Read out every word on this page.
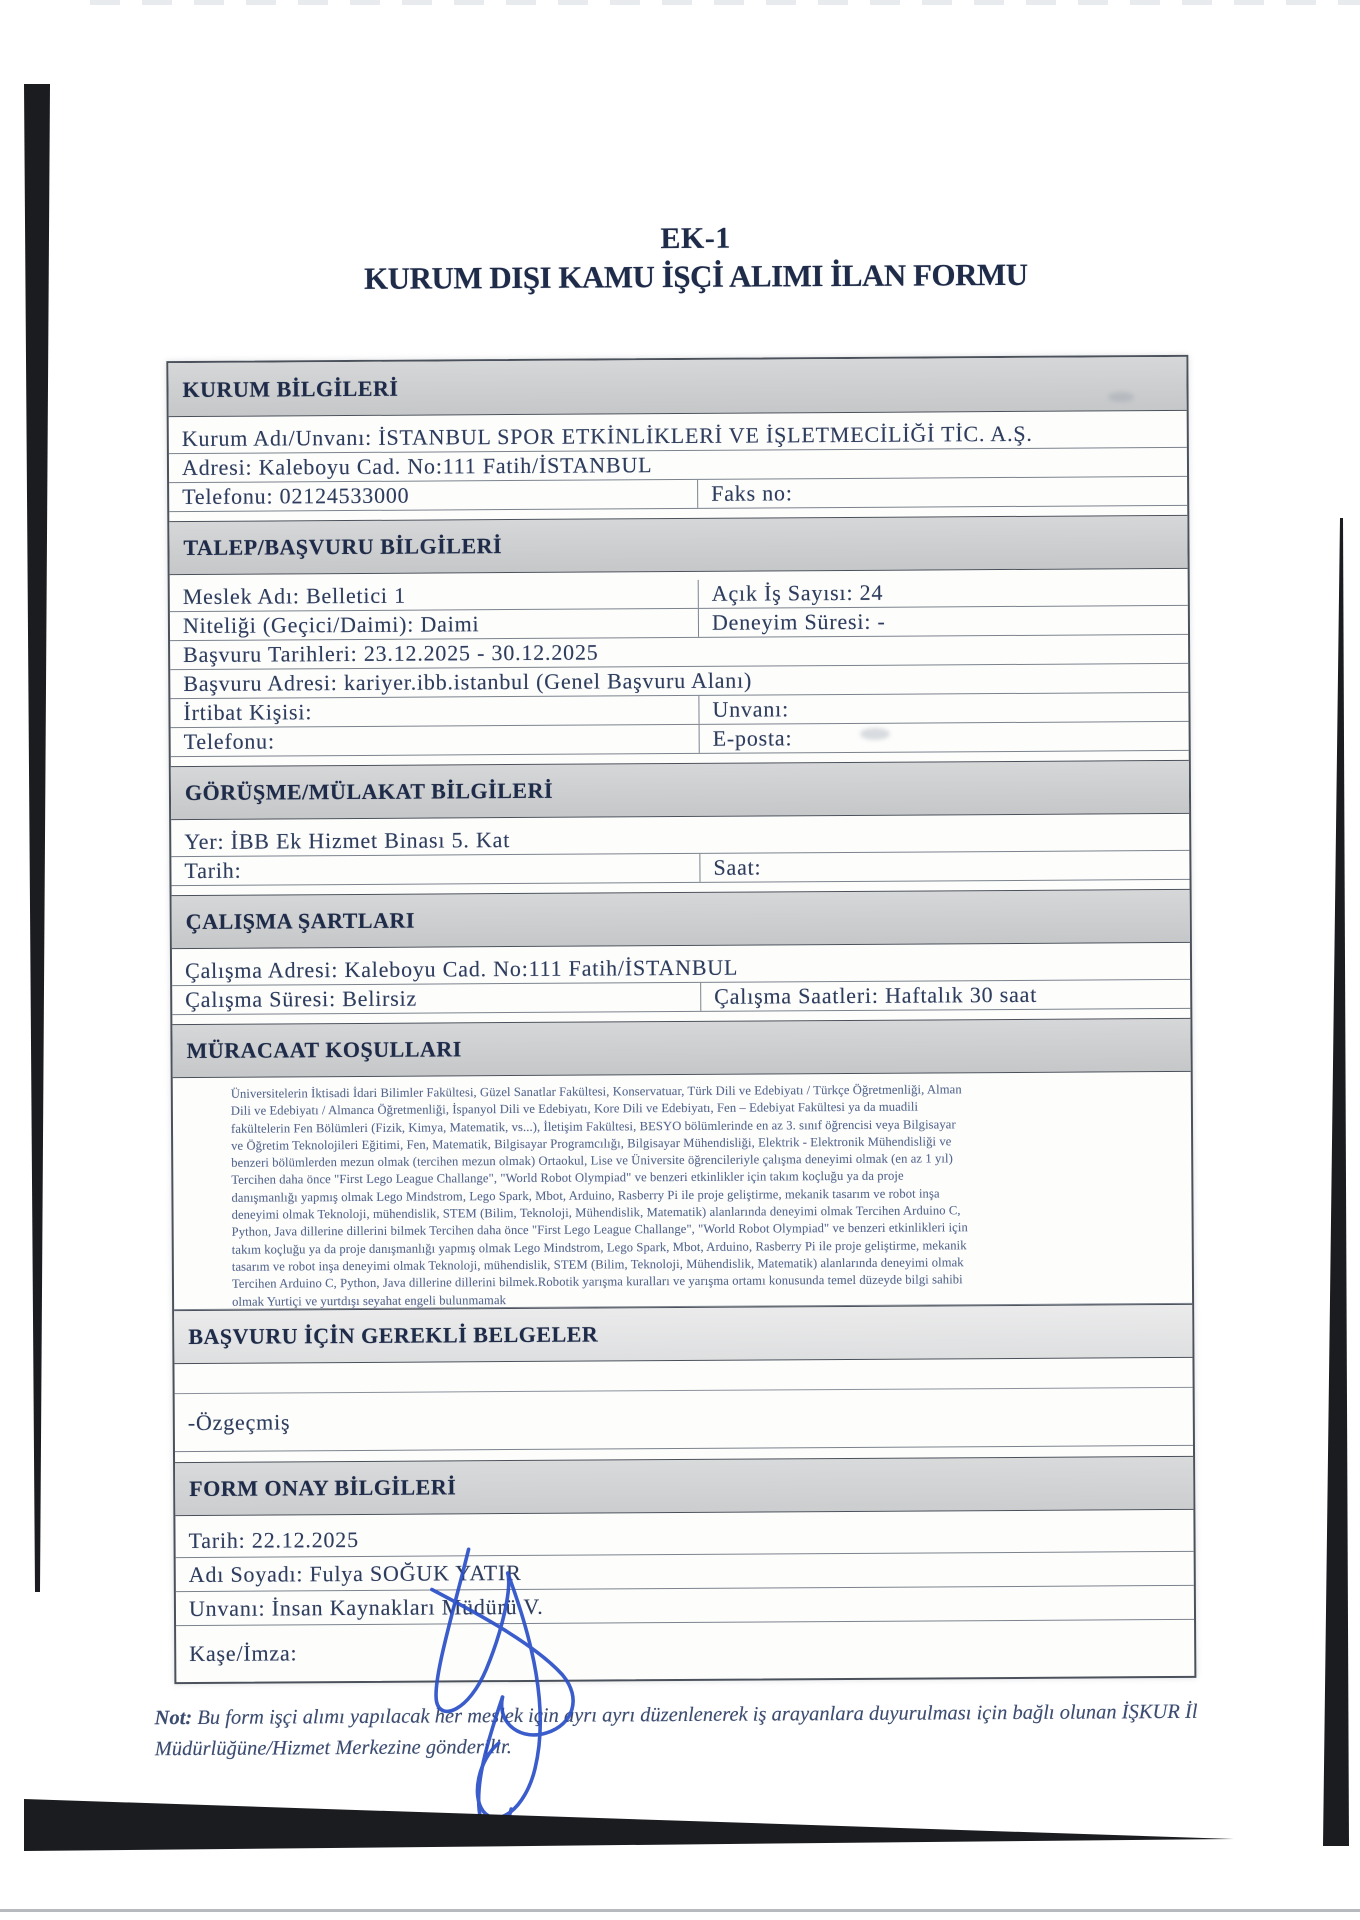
EK-1
KURUM DIŞI KAMU İŞÇİ ALIMI İLAN FORMU
KURUM BİLGİLERİ
Kurum Adı/Unvanı: İSTANBUL SPOR ETKİNLİKLERİ VE İŞLETMECİLİĞİ TİC. A.Ş.
Adresi: Kaleboyu Cad. No:111 Fatih/İSTANBUL
Telefonu: 02124533000	Faks no:
TALEP/BAŞVURU BİLGİLERİ
Meslek Adı: Belletici 1	Açık İş Sayısı: 24
Niteliği (Geçici/Daimi): Daimi	Deneyim Süresi: -
Başvuru Tarihleri: 23.12.2025 - 30.12.2025
Başvuru Adresi: kariyer.ibb.istanbul (Genel Başvuru Alanı)
İrtibat Kişisi:	Unvanı:
Telefonu:	E-posta:
GÖRÜŞME/MÜLAKAT BİLGİLERİ
Yer: İBB Ek Hizmet Binası 5. Kat
Tarih:	Saat:
ÇALIŞMA ŞARTLARI
Çalışma Adresi: Kaleboyu Cad. No:111 Fatih/İSTANBUL
Çalışma Süresi: Belirsiz	Çalışma Saatleri: Haftalık 30 saat
MÜRACAAT KOŞULLARI
Üniversitelerin İktisadi İdari Bilimler Fakültesi, Güzel Sanatlar Fakültesi, Konservatuar, Türk Dili ve Edebiyatı / Türkçe Öğretmenliği, Alman Dili ve Edebiyatı / Almanca Öğretmenliği, İspanyol Dili ve Edebiyatı, Kore Dili ve Edebiyatı, Fen – Edebiyat Fakültesi ya da muadili fakültelerin Fen Bölümleri (Fizik, Kimya, Matematik, vs...), İletişim Fakültesi, BESYO bölümlerinde en az 3. sınıf öğrencisi veya Bilgisayar ve Öğretim Teknolojileri Eğitimi, Fen, Matematik, Bilgisayar Programcılığı, Bilgisayar Mühendisliği, Elektrik - Elektronik Mühendisliği ve benzeri bölümlerden mezun olmak (tercihen mezun olmak) Ortaokul, Lise ve Üniversite öğrencileriyle çalışma deneyimi olmak (en az 1 yıl) Tercihen daha önce "First Lego League Challange", "World Robot Olympiad" ve benzeri etkinlikler için takım koçluğu ya da proje danışmanlığı yapmış olmak Lego Mindstrom, Lego Spark, Mbot, Arduino, Rasberry Pi ile proje geliştirme, mekanik tasarım ve robot inşa deneyimi olmak Teknoloji, mühendislik, STEM (Bilim, Teknoloji, Mühendislik, Matematik) alanlarında deneyimi olmak Tercihen Arduino C, Python, Java dillerine dillerini bilmek Tercihen daha önce "First Lego League Challange", "World Robot Olympiad" ve benzeri etkinlikleri için takım koçluğu ya da proje danışmanlığı yapmış olmak Lego Mindstrom, Lego Spark, Mbot, Arduino, Rasberry Pi ile proje geliştirme, mekanik tasarım ve robot inşa deneyimi olmak Teknoloji, mühendislik, STEM (Bilim, Teknoloji, Mühendislik, Matematik) alanlarında deneyimi olmak Tercihen Arduino C, Python, Java dillerine dillerini bilmek.Robotik yarışma kuralları ve yarışma ortamı konusunda temel düzeyde bilgi sahibi olmak Yurtiçi ve yurtdışı seyahat engeli bulunmamak
BAŞVURU İÇİN GEREKLİ BELGELER
-Özgeçmiş
FORM ONAY BİLGİLERİ
Tarih: 22.12.2025
Adı Soyadı: Fulya SOĞUK YATIR
Unvanı: İnsan Kaynakları Müdürü V.
Kaşe/İmza:
Not: Bu form işçi alımı yapılacak her meslek için ayrı ayrı düzenlenerek iş arayanlara duyurulması için bağlı olunan İŞKUR İl Müdürlüğüne/Hizmet Merkezine gönderilir.
